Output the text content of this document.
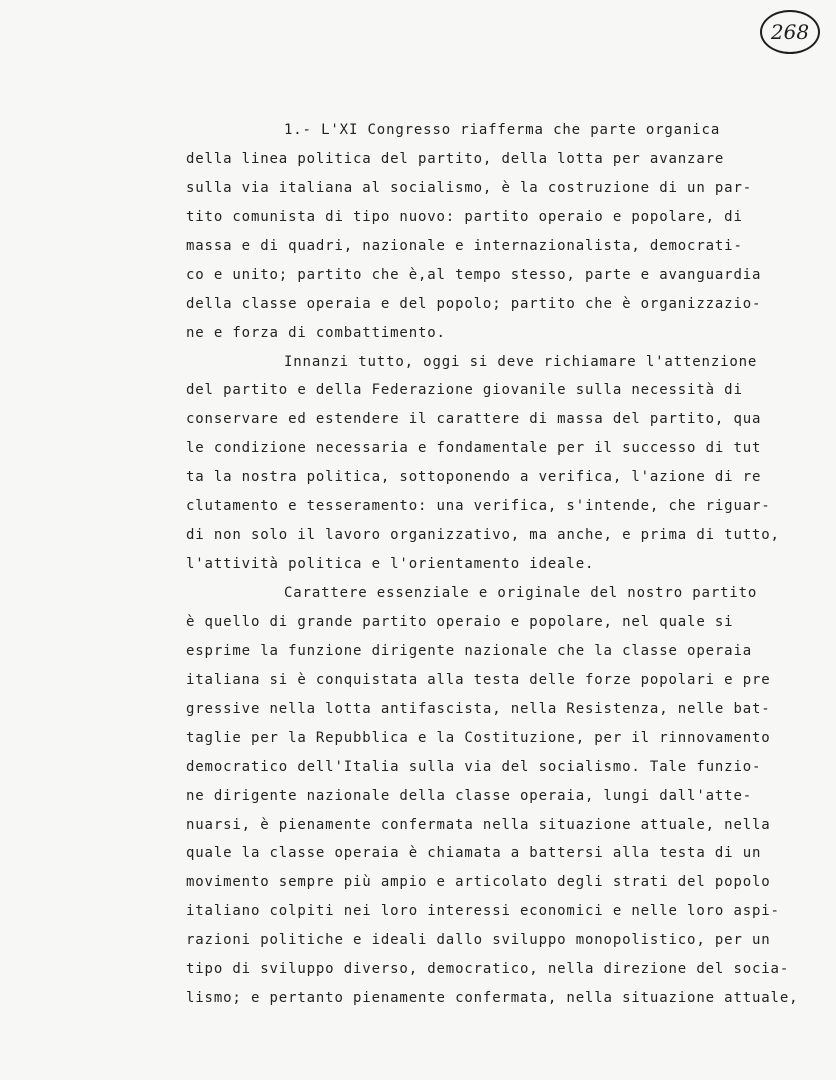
268
1.- L'XI Congresso riafferma che parte organica
della linea politica del partito, della lotta per avanzare
sulla via italiana al socialismo, è la costruzione di un par-
tito comunista di tipo nuovo: partito operaio e popolare, di
massa e di quadri, nazionale e internazionalista, democrati-
co e unito; partito che è,al tempo stesso, parte e avanguardia
della classe operaia e del popolo; partito che è organizzazio-
ne e forza di combattimento.
Innanzi tutto, oggi si deve richiamare l'attenzione
del partito e della Federazione giovanile sulla necessità di
conservare ed estendere il carattere di massa del partito, qua
le condizione necessaria e fondamentale per il successo di tut
ta la nostra politica, sottoponendo a verifica, l'azione di re
clutamento e tesseramento: una verifica, s'intende, che riguar-
di non solo il lavoro organizzativo, ma anche, e prima di tutto,
l'attività politica e l'orientamento ideale.
Carattere essenziale e originale del nostro partito
è quello di grande partito operaio e popolare, nel quale si
esprime la funzione dirigente nazionale che la classe operaia
italiana si è conquistata alla testa delle forze popolari e pre
gressive nella lotta antifascista, nella Resistenza, nelle bat-
taglie per la Repubblica e la Costituzione, per il rinnovamento
democratico dell'Italia sulla via del socialismo. Tale funzio-
ne dirigente nazionale della classe operaia, lungi dall'atte-
nuarsi, è pienamente confermata nella situazione attuale, nella
quale la classe operaia è chiamata a battersi alla testa di un
movimento sempre più ampio e articolato degli strati del popolo
italiano colpiti nei loro interessi economici e nelle loro aspi-
razioni politiche e ideali dallo sviluppo monopolistico, per un
tipo di sviluppo diverso, democratico, nella direzione del socia-
lismo; e pertanto pienamente confermata, nella situazione attuale,
